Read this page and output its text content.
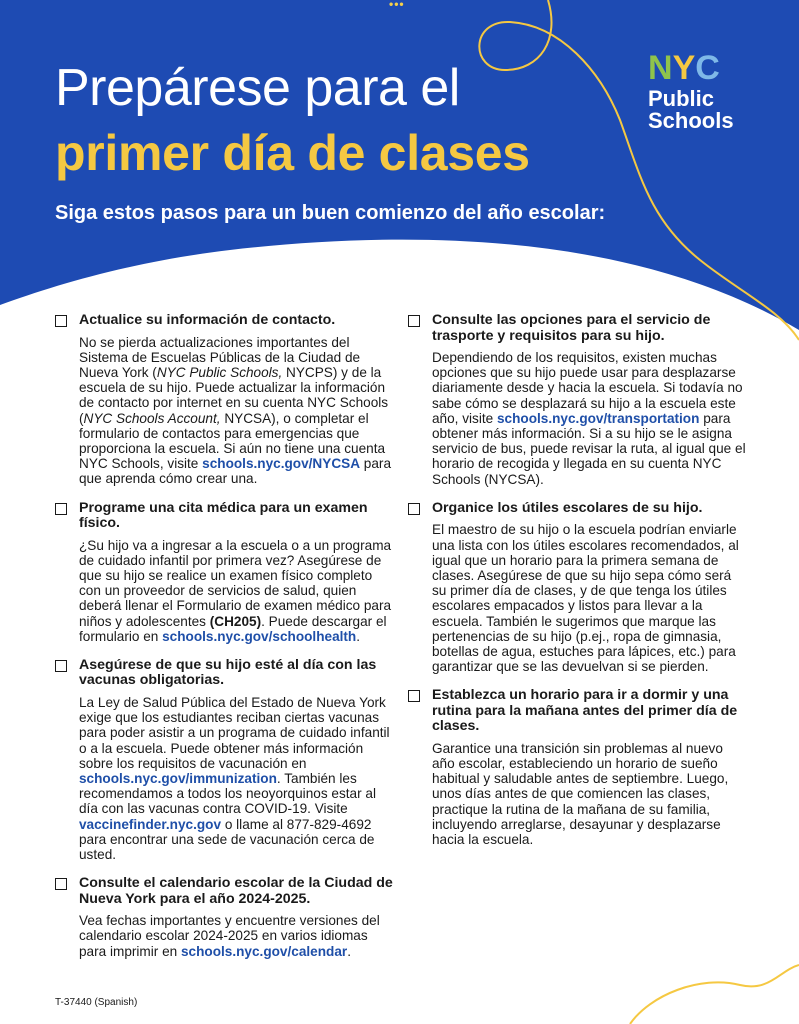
•••
Prepárese para el
primer día de clases
Siga estos pasos para un buen comienzo del año escolar:
N Y C
Public
Schools

Actualice su información de contacto.

No se pierda actualizaciones importantes del Sistema de Escuelas Públicas de la Ciudad de Nueva York (NYC Public Schools, NYCPS) y de la escuela de su hijo. Puede actualizar la información de contacto por internet en su cuenta NYC Schools (NYC Schools Account, NYCSA), o completar el formulario de contactos para emergencias que proporciona la escuela. Si aún no tiene una cuenta NYC Schools, visite schools.nyc.gov/NYCSA para que aprenda cómo crear una.

Programe una cita médica para un examen físico.

¿Su hijo va a ingresar a la escuela o a un programa de cuidado infantil por primera vez? Asegúrese de que su hijo se realice un examen físico completo con un proveedor de servicios de salud, quien deberá llenar el Formulario de examen médico para niños y adolescentes (CH205). Puede descargar el formulario en schools.nyc.gov/schoolhealth.

Asegúrese de que su hijo esté al día con las vacunas obligatorias.

La Ley de Salud Pública del Estado de Nueva York exige que los estudiantes reciban ciertas vacunas para poder asistir a un programa de cuidado infantil o a la escuela. Puede obtener más información sobre los requisitos de vacunación en schools.nyc.gov/immunization. También les recomendamos a todos los neoyorquinos estar al día con las vacunas contra COVID-19. Visite vaccinefinder.nyc.gov o llame al 877-829-4692 para encontrar una sede de vacunación cerca de usted.

Consulte el calendario escolar de la Ciudad de Nueva York para el año 2024-2025.

Vea fechas importantes y encuentre versiones del calendario escolar 2024-2025 en varios idiomas para imprimir en schools.nyc.gov/calendar.

Consulte las opciones para el servicio de trasporte y requisitos para su hijo.

Dependiendo de los requisitos, existen muchas opciones que su hijo puede usar para desplazarse diariamente desde y hacia la escuela. Si todavía no sabe cómo se desplazará su hijo a la escuela este año, visite schools.nyc.gov/transportation para obtener más información. Si a su hijo se le asigna servicio de bus, puede revisar la ruta, al igual que el horario de recogida y llegada en su cuenta NYC Schools (NYCSA).

Organice los útiles escolares de su hijo.

El maestro de su hijo o la escuela podrían enviarle una lista con los útiles escolares recomendados, al igual que un horario para la primera semana de clases. Asegúrese de que su hijo sepa cómo será su primer día de clases, y de que tenga los útiles escolares empacados y listos para llevar a la escuela. También le sugerimos que marque las pertenencias de su hijo (p.ej., ropa de gimnasia, botellas de agua, estuches para lápices, etc.) para garantizar que se las devuelvan si se pierden.

Establezca un horario para ir a dormir y una rutina para la mañana antes del primer día de clases.

Garantice una transición sin problemas al nuevo año escolar, estableciendo un horario de sueño habitual y saludable antes de septiembre. Luego, unos días antes de que comiencen las clases, practique la rutina de la mañana de su familia, incluyendo arreglarse, desayunar y desplazarse hacia la escuela.

T-37440 (Spanish)
